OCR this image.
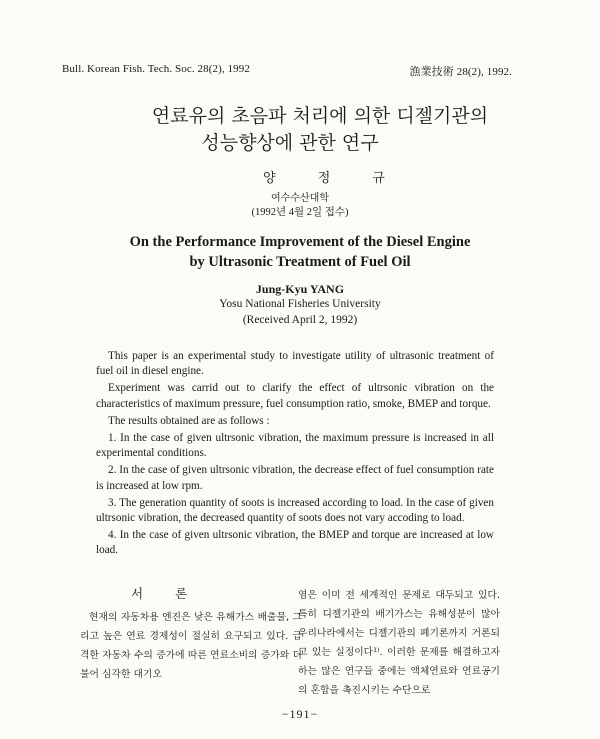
Bull. Korean Fish. Tech. Soc. 28(2), 1992	漁業技術 28(2), 1992.
연료유의 초음파 처리에 의한 디젤기관의
성능향상에 관한 연구
양정규
여수수산대학
(1992년 4월 2일 접수)
On the Performance Improvement of the Diesel Engine
by Ultrasonic Treatment of Fuel Oil
Jung-Kyu YANG
Yosu National Fisheries University
(Received April 2, 1992)

This paper is an experimental study to investigate utility of ultrasonic treatment of fuel oil in diesel engine.

Experiment was carrid out to clarify the effect of ultrsonic vibration on the characteristics of maximum pressure, fuel consumption ratio, smoke, BMEP and torque.

The results obtained are as follows :

1. In the case of given ultrsonic vibration, the maximum pressure is increased in all experimental conditions.

2. In the case of given ultrsonic vibration, the decrease effect of fuel consumption rate is increased at low rpm.

3. The generation quantity of soots is increased according to load. In the case of given ultrsonic vibration, the decreased quantity of soots does not vary accoding to load.

4. In the case of given ultrsonic vibration, the BMEP and torque are increased at low load.

서론

현재의 자동차용 엔진은 낮은 유해가스 배출물, 그리고 높은 연료 경제성이 절실히 요구되고 있다. 급격한 자동차 수의 증가에 따른 연료소비의 증가와 더불어 심각한 대기오

염은 이미 전 세계적인 문제로 대두되고 있다. 특히 디젤기관의 배기가스는 유해성분이 많아 우리나라에서는 디젤기관의 폐기론까지 거론되고 있는 실정이다¹⁾. 이러한 문제를 해결하고자 하는 많은 연구들 중에는 액체연료와 연료공기의 혼합을 촉진시키는 수단으로

−191−
